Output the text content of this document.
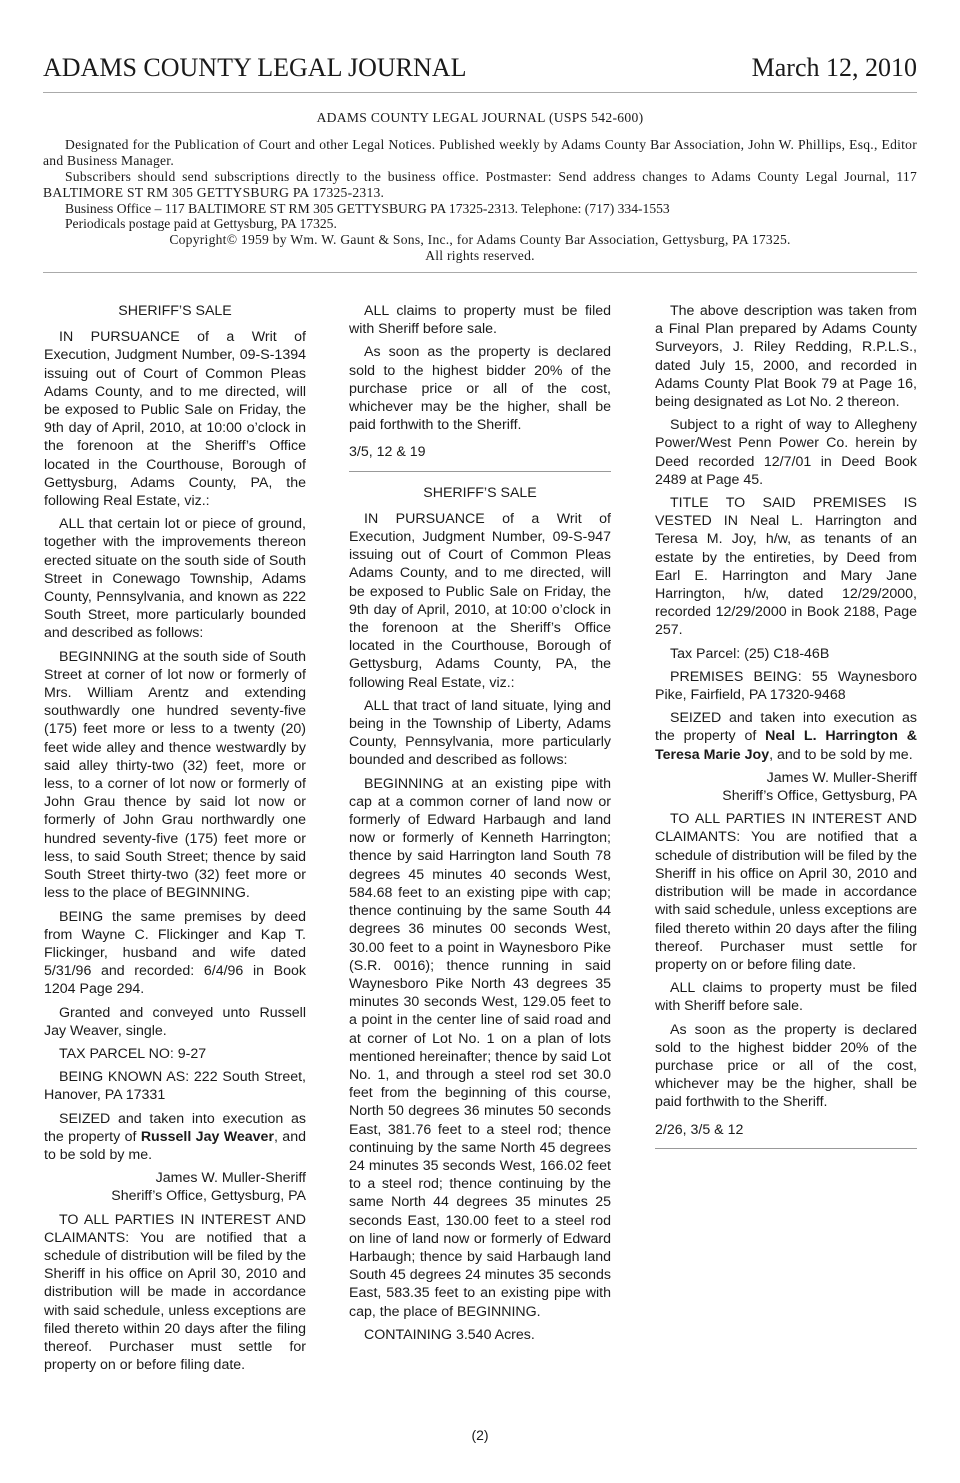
ADAMS COUNTY LEGAL JOURNAL	March 12, 2010
ADAMS COUNTY LEGAL JOURNAL (USPS 542-600)

Designated for the Publication of Court and other Legal Notices. Published weekly by Adams County Bar Association, John W. Phillips, Esq., Editor and Business Manager.

Subscribers should send subscriptions directly to the business office. Postmaster: Send address changes to Adams County Legal Journal, 117 BALTIMORE ST RM 305 GETTYSBURG PA 17325-2313.

Business Office – 117 BALTIMORE ST RM 305 GETTYSBURG PA 17325-2313. Telephone: (717) 334-1553

Periodicals postage paid at Gettysburg, PA 17325.

Copyright© 1959 by Wm. W. Gaunt & Sons, Inc., for Adams County Bar Association, Gettysburg, PA 17325.

All rights reserved.

SHERIFF’S SALE

IN PURSUANCE of a Writ of Execution, Judgment Number, 09-S-1394 issuing out of Court of Common Pleas Adams County, and to me directed, will be exposed to Public Sale on Friday, the 9th day of April, 2010, at 10:00 o’clock in the forenoon at the Sheriff’s Office located in the Courthouse, Borough of Gettysburg, Adams County, PA, the following Real Estate, viz.:

ALL that certain lot or piece of ground, together with the improvements thereon erected situate on the south side of South Street in Conewago Township, Adams County, Pennsylvania, and known as 222 South Street, more particularly bounded and described as follows:

BEGINNING at the south side of South Street at corner of lot now or formerly of Mrs. William Arentz and extending southwardly one hundred seventy-five (175) feet more or less to a twenty (20) feet wide alley and thence westwardly by said alley thirty-two (32) feet, more or less, to a corner of lot now or formerly of John Grau thence by said lot now or formerly of John Grau northwardly one hundred seventy-five (175) feet more or less, to said South Street; thence by said South Street thirty-two (32) feet more or less to the place of BEGINNING.

BEING the same premises by deed from Wayne C. Flickinger and Kap T. Flickinger, husband and wife dated 5/31/96 and recorded: 6/4/96 in Book 1204 Page 294.

Granted and conveyed unto Russell Jay Weaver, single.

TAX PARCEL NO: 9-27

BEING KNOWN AS: 222 South Street, Hanover, PA 17331

SEIZED and taken into execution as the property of Russell Jay Weaver, and to be sold by me.

James W. Muller-Sheriff

Sheriff’s Office, Gettysburg, PA

TO ALL PARTIES IN INTEREST AND CLAIMANTS: You are notified that a schedule of distribution will be filed by the Sheriff in his office on April 30, 2010 and distribution will be made in accordance with said schedule, unless exceptions are filed thereto within 20 days after the filing thereof. Purchaser must settle for property on or before filing date.

ALL claims to property must be filed with Sheriff before sale.

As soon as the property is declared sold to the highest bidder 20% of the purchase price or all of the cost, whichever may be the higher, shall be paid forthwith to the Sheriff.

3/5, 12 & 19

SHERIFF’S SALE

IN PURSUANCE of a Writ of Execution, Judgment Number, 09-S-947 issuing out of Court of Common Pleas Adams County, and to me directed, will be exposed to Public Sale on Friday, the 9th day of April, 2010, at 10:00 o’clock in the forenoon at the Sheriff’s Office located in the Courthouse, Borough of Gettysburg, Adams County, PA, the following Real Estate, viz.:

ALL that tract of land situate, lying and being in the Township of Liberty, Adams County, Pennsylvania, more particularly bounded and described as follows:

BEGINNING at an existing pipe with cap at a common corner of land now or formerly of Edward Harbaugh and land now or formerly of Kenneth Harrington; thence by said Harrington land South 78 degrees 45 minutes 40 seconds West, 584.68 feet to an existing pipe with cap; thence continuing by the same South 44 degrees 36 minutes 00 seconds West, 30.00 feet to a point in Waynesboro Pike (S.R. 0016); thence running in said Waynesboro Pike North 43 degrees 35 minutes 30 seconds West, 129.05 feet to a point in the center line of said road and at corner of Lot No. 1 on a plan of lots mentioned hereinafter; thence by said Lot No. 1, and through a steel rod set 30.0 feet from the beginning of this course, North 50 degrees 36 minutes 50 seconds East, 381.76 feet to a steel rod; thence continuing by the same North 45 degrees 24 minutes 35 seconds West, 166.02 feet to a steel rod; thence continuing by the same North 44 degrees 35 minutes 25 seconds East, 130.00 feet to a steel rod on line of land now or formerly of Edward Harbaugh; thence by said Harbaugh land South 45 degrees 24 minutes 35 seconds East, 583.35 feet to an existing pipe with cap, the place of BEGINNING.

CONTAINING 3.540 Acres.

The above description was taken from a Final Plan prepared by Adams County Surveyors, J. Riley Redding, R.P.L.S., dated July 15, 2000, and recorded in Adams County Plat Book 79 at Page 16, being designated as Lot No. 2 thereon.

Subject to a right of way to Allegheny Power/West Penn Power Co. herein by Deed recorded 12/7/01 in Deed Book 2489 at Page 45.

TITLE TO SAID PREMISES IS VESTED IN Neal L. Harrington and Teresa M. Joy, h/w, as tenants of an estate by the entireties, by Deed from Earl E. Harrington and Mary Jane Harrington, h/w, dated 12/29/2000, recorded 12/29/2000 in Book 2188, Page 257.

Tax Parcel: (25) C18-46B

PREMISES BEING: 55 Waynesboro Pike, Fairfield, PA 17320-9468

SEIZED and taken into execution as the property of Neal L. Harrington & Teresa Marie Joy, and to be sold by me.

James W. Muller-Sheriff

Sheriff’s Office, Gettysburg, PA

TO ALL PARTIES IN INTEREST AND CLAIMANTS: You are notified that a schedule of distribution will be filed by the Sheriff in his office on April 30, 2010 and distribution will be made in accordance with said schedule, unless exceptions are filed thereto within 20 days after the filing thereof. Purchaser must settle for property on or before filing date.

ALL claims to property must be filed with Sheriff before sale.

As soon as the property is declared sold to the highest bidder 20% of the purchase price or all of the cost, whichever may be the higher, shall be paid forthwith to the Sheriff.

2/26, 3/5 & 12

(2)
